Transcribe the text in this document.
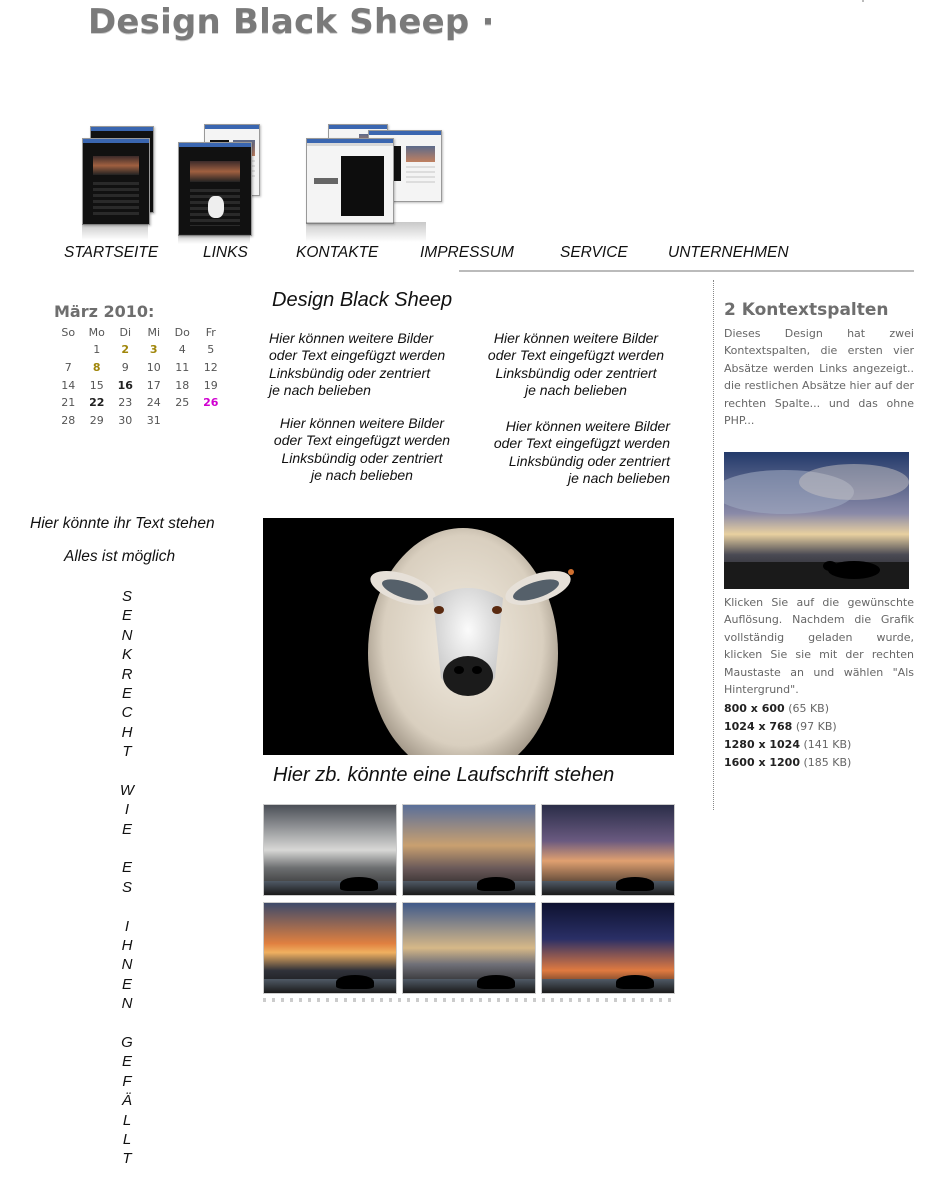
Design Black Sheep ·
STARTSEITE	LINKS	KONTAKTE	IMPRESSUM	SERVICE	UNTERNEHMEN
März 2010:
So	Mo	Di	Mi	Do	Fr
	1	2	3	4	5
7	8	9	10	11	12
14	15	16	17	18	19
21	22	23	24	25	26
28	29	30	31		
Design Black Sheep
Hier können weitere Bilder
oder Text eingefügzt werden
Linksbündig oder zentriert
je nach belieben
Hier können weitere Bilder
oder Text eingefügzt werden
Linksbündig oder zentriert
je nach belieben
Hier können weitere Bilder
oder Text eingefügzt werden
Linksbündig oder zentriert
je nach belieben
Hier können weitere Bilder
oder Text eingefügzt werden
Linksbündig oder zentriert
je nach belieben
Hier könnte ihr Text stehen
Alles ist möglich
S
E
N
K
R
E
C
H
T
W
I
E
E
S
I
H
N
E
N
G
E
F
Ä
L
L
T
Hier zb. könnte eine Laufschrift stehen
2 Kontextspalten
Dieses Design hat zwei Kontextspalten, die ersten vier Absätze werden Links angezeigt.. die restlichen Absätze hier auf der rechten Spalte... und das ohne PHP...
Klicken Sie auf die gewünschte Auflösung. Nachdem die Grafik vollständig geladen wurde, klicken Sie sie mit der rechten Maustaste an und wählen "Als Hintergrund".
800 x 600 (65 KB)
1024 x 768 (97 KB)
1280 x 1024 (141 KB)
1600 x 1200 (185 KB)
